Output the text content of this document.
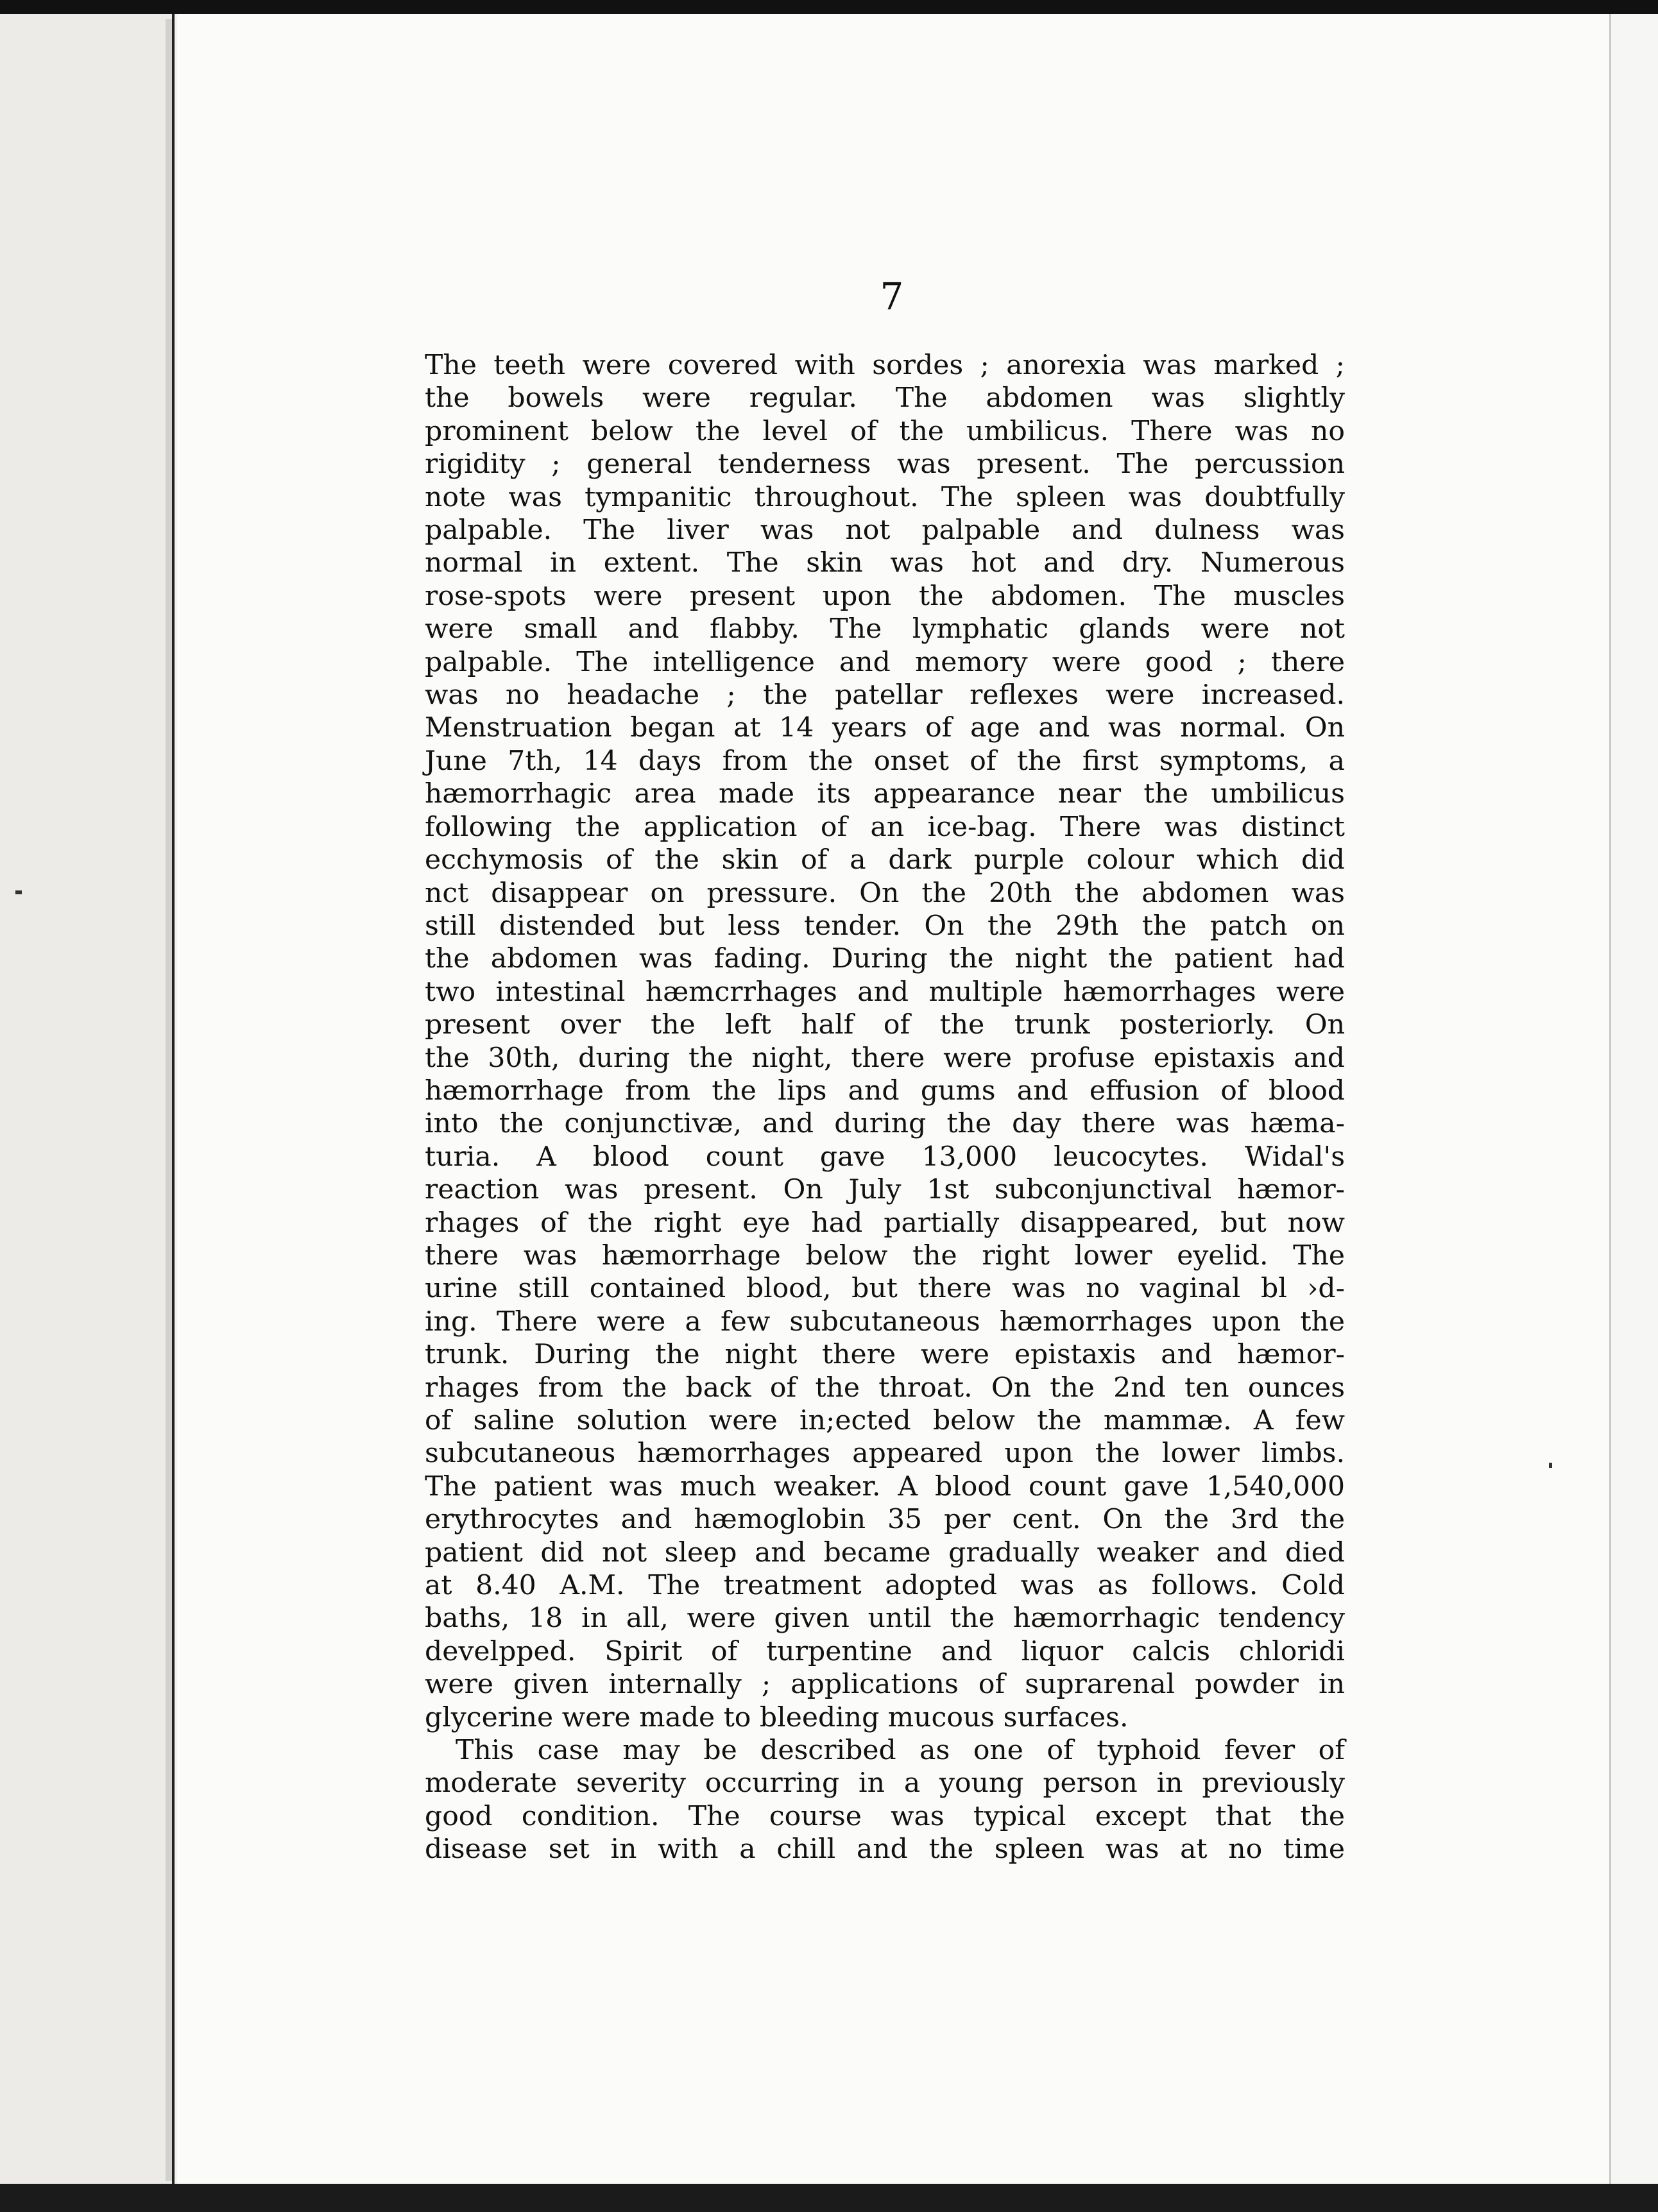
7
The teeth were covered with sordes ; anorexia was marked ;
the bowels were regular. The abdomen was slightly
prominent below the level of the umbilicus. There was no
rigidity ; general tenderness was present. The percussion
note was tympanitic throughout. The spleen was doubtfully
palpable. The liver was not palpable and dulness was
normal in extent. The skin was hot and dry. Numerous
rose-spots were present upon the abdomen. The muscles
were small and flabby. The lymphatic glands were not
palpable. The intelligence and memory were good ; there
was no headache ; the patellar reflexes were increased.
Menstruation began at 14 years of age and was normal. On
June 7th, 14 days from the onset of the first symptoms, a
hæmorrhagic area made its appearance near the umbilicus
following the application of an ice-bag. There was distinct
ecchymosis of the skin of a dark purple colour which did
nct disappear on pressure. On the 20th the abdomen was
still distended but less tender. On the 29th the patch on
the abdomen was fading. During the night the patient had
two intestinal hæmcrrhages and multiple hæmorrhages were
present over the left half of the trunk posteriorly. On
the 30th, during the night, there were profuse epistaxis and
hæmorrhage from the lips and gums and effusion of blood
into the conjunctivæ, and during the day there was hæma-
turia. A blood count gave 13,000 leucocytes. Widal's
reaction was present. On July 1st subconjunctival hæmor-
rhages of the right eye had partially disappeared, but now
there was hæmorrhage below the right lower eyelid. The
urine still contained blood, but there was no vaginal bl ›d-
ing. There were a few subcutaneous hæmorrhages upon the
trunk. During the night there were epistaxis and hæmor-
rhages from the back of the throat. On the 2nd ten ounces
of saline solution were in;ected below the mammæ. A few
subcutaneous hæmorrhages appeared upon the lower limbs.
The patient was much weaker. A blood count gave 1,540,000
erythrocytes and hæmoglobin 35 per cent. On the 3rd the
patient did not sleep and became gradually weaker and died
at 8.40 A.M. The treatment adopted was as follows. Cold
baths, 18 in all, were given until the hæmorrhagic tendency
develpped. Spirit of turpentine and liquor calcis chloridi
were given internally ; applications of suprarenal powder in
glycerine were made to bleeding mucous surfaces.
This case may be described as one of typhoid fever of
moderate severity occurring in a young person in previously
good condition. The course was typical except that the
disease set in with a chill and the spleen was at no time
